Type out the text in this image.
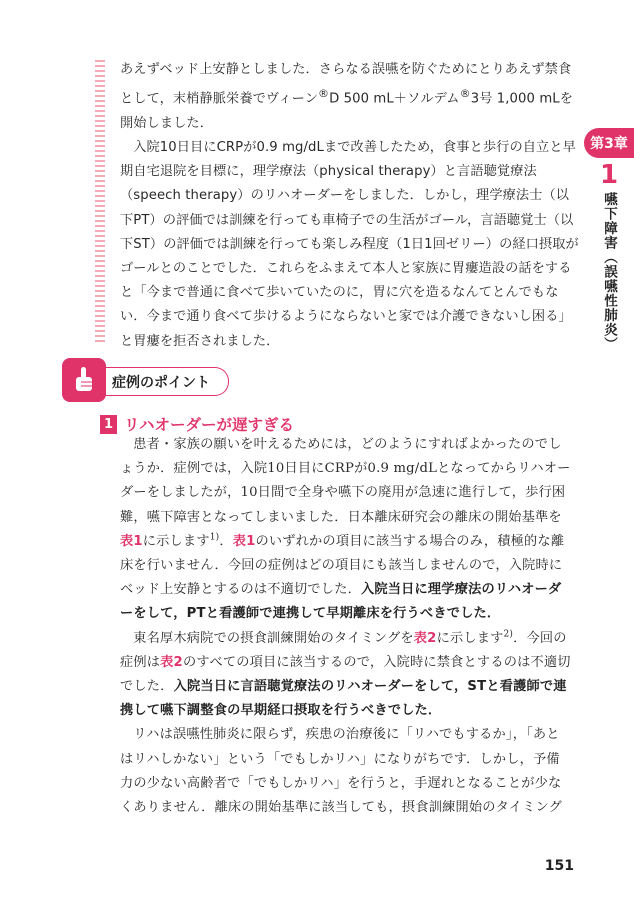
あえずベッド上安静としました．さらなる誤嚥を防ぐためにとりあえず禁食として，末梢静脈栄養でヴィーン®D 500 mL＋ソルデム®3号 1,000 mLを開始しました．

入院10日目にCRPが0.9 mg/dLまで改善したため，食事と歩行の自立と早期自宅退院を目標に，理学療法（physical therapy）と言語聴覚療法（speech therapy）のリハオーダーをしました．しかし，理学療法士（以下PT）の評価では訓練を行っても車椅子での生活がゴール，言語聴覚士（以下ST）の評価では訓練を行っても楽しみ程度（1日1回ゼリー）の経口摂取がゴールとのことでした．これらをふまえて本人と家族に胃瘻造設の話をすると「今まで普通に食べて歩いていたのに，胃に穴を造るなんてとんでもない．今まで通り食べて歩けるようにならないと家では介護できないし困る」と胃瘻を拒否されました．

第3章
1
嚥下障害（誤嚥性肺炎）
症例のポイント
1 リハオーダーが遅すぎる

患者・家族の願いを叶えるためには，どのようにすればよかったのでしょうか．症例では，入院10日目にCRPが0.9 mg/dLとなってからリハオーダーをしましたが，10日間で全身や嚥下の廃用が急速に進行して，歩行困難，嚥下障害となってしまいました．日本離床研究会の離床の開始基準を表1に示します$^{1)}$．表1のいずれかの項目に該当する場合のみ，積極的な離床を行いません．今回の症例はどの項目にも該当しませんので，入院時にベッド上安静とするのは不適切でした．入院当日に理学療法のリハオーダーをして，PTと看護師で連携して早期離床を行うべきでした．

東名厚木病院での摂食訓練開始のタイミングを表2に示します$^{2)}$．今回の症例は表2のすべての項目に該当するので，入院時に禁食とするのは不適切でした．入院当日に言語聴覚療法のリハオーダーをして，STと看護師で連携して嚥下調整食の早期経口摂取を行うべきでした．

リハは誤嚥性肺炎に限らず，疾患の治療後に「リハでもするか」，「あとはリハしかない」という「でもしかリハ」になりがちです．しかし，予備力の少ない高齢者で「でもしかリハ」を行うと，手遅れとなることが少なくありません．離床の開始基準に該当しても，摂食訓練開始のタイミング

151
